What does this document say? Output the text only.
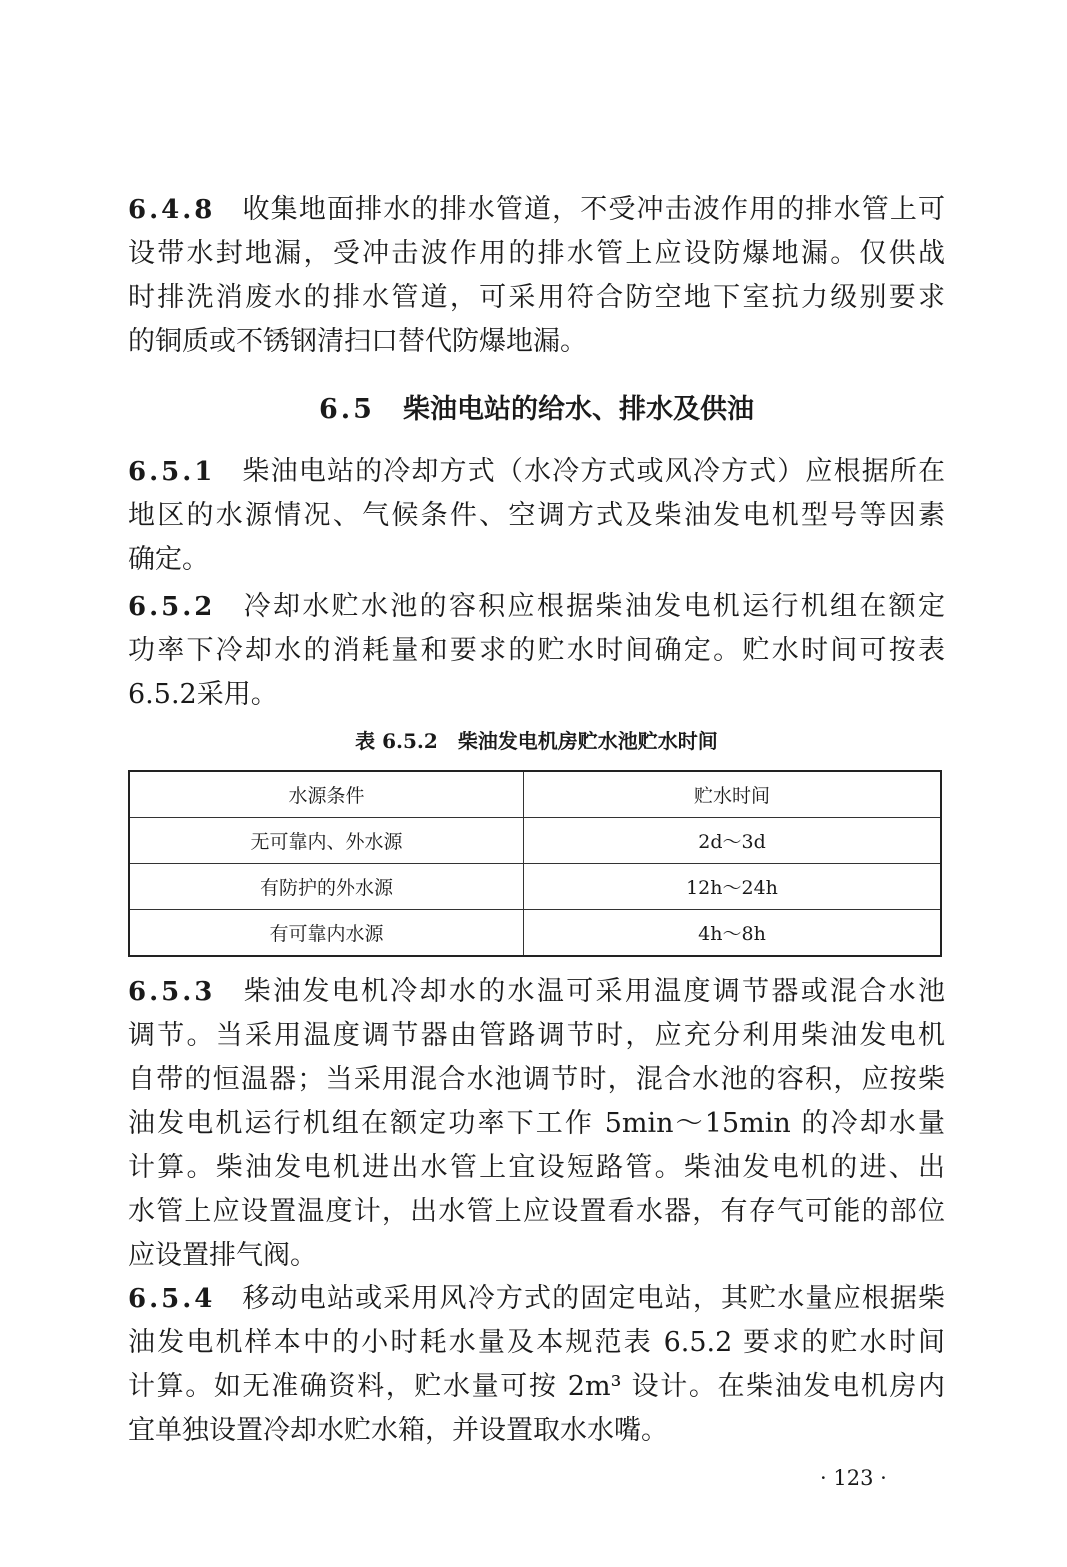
6.4.8 收集地面排水的排水管道，不受冲击波作用的排水管上可
设带水封地漏，受冲击波作用的排水管上应设防爆地漏。仅供战
时排洗消废水的排水管道，可采用符合防空地下室抗力级别要求
的铜质或不锈钢清扫口替代防爆地漏。
6.5 柴油电站的给水、排水及供油
6.5.1 柴油电站的冷却方式（水冷方式或风冷方式）应根据所在
地区的水源情况、气候条件、空调方式及柴油发电机型号等因素
确定。
6.5.2 冷却水贮水池的容积应根据柴油发电机运行机组在额定
功率下冷却水的消耗量和要求的贮水时间确定。贮水时间可按表
6.5.2采用。
表 6.5.2 柴油发电机房贮水池贮水时间
水源条件	贮水时间
无可靠内、外水源	2d～3d
有防护的外水源	12h～24h
有可靠内水源	4h～8h
6.5.3 柴油发电机冷却水的水温可采用温度调节器或混合水池
调节。当采用温度调节器由管路调节时，应充分利用柴油发电机
自带的恒温器；当采用混合水池调节时，混合水池的容积，应按柴
油发电机运行机组在额定功率下工作 5min～15min 的冷却水量
计算。柴油发电机进出水管上宜设短路管。柴油发电机的进、出
水管上应设置温度计，出水管上应设置看水器，有存气可能的部位
应设置排气阀。
6.5.4 移动电站或采用风冷方式的固定电站，其贮水量应根据柴
油发电机样本中的小时耗水量及本规范表 6.5.2 要求的贮水时间
计算。如无准确资料，贮水量可按 2m³ 设计。在柴油发电机房内
宜单独设置冷却水贮水箱，并设置取水水嘴。
· 123 ·
